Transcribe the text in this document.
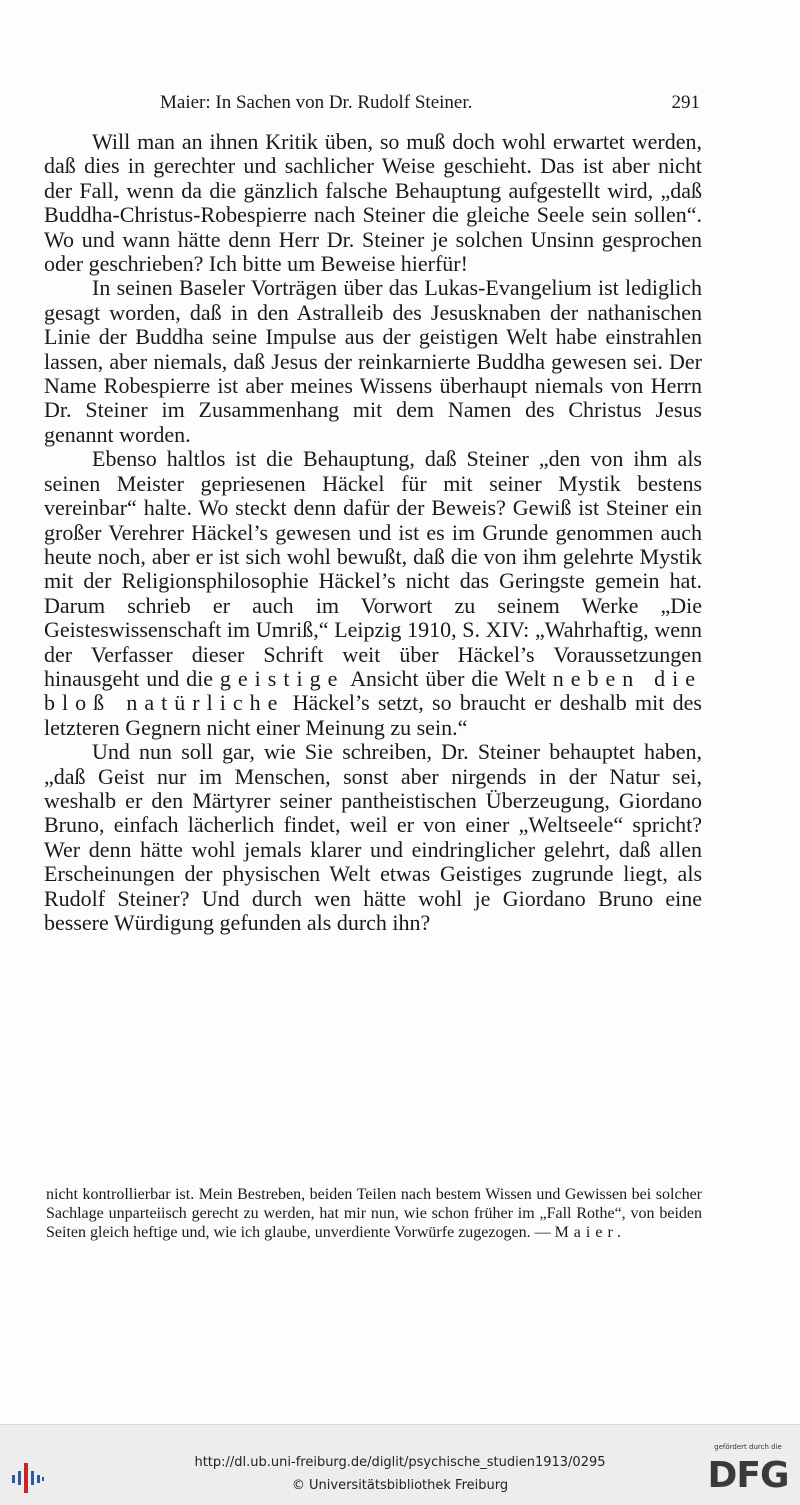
Maier: In Sachen von Dr. Rudolf Steiner.	291

Will man an ihnen Kritik üben, so muß doch wohl erwartet werden, daß dies in gerechter und sachlicher Weise geschieht. Das ist aber nicht der Fall, wenn da die gänzlich falsche Behauptung aufgestellt wird, „daß Buddha-Christus-Robespierre nach Steiner die gleiche Seele sein sollen“. Wo und wann hätte denn Herr Dr. Steiner je solchen Unsinn gesprochen oder geschrieben? Ich bitte um Beweise hierfür!

In seinen Baseler Vorträgen über das Lukas-Evangelium ist lediglich gesagt worden, daß in den Astralleib des Jesusknaben der nathanischen Linie der Buddha seine Impulse aus der geistigen Welt habe einstrahlen lassen, aber niemals, daß Jesus der reinkarnierte Buddha gewesen sei. Der Name Robespierre ist aber meines Wissens überhaupt niemals von Herrn Dr. Steiner im Zusammenhang mit dem Namen des Christus Jesus genannt worden.

Ebenso haltlos ist die Behauptung, daß Steiner „den von ihm als seinen Meister gepriesenen Häckel für mit seiner Mystik bestens vereinbar“ halte. Wo steckt denn dafür der Beweis? Gewiß ist Steiner ein großer Verehrer Häckel’s gewesen und ist es im Grunde genommen auch heute noch, aber er ist sich wohl bewußt, daß die von ihm gelehrte Mystik mit der Religionsphilosophie Häckel’s nicht das Geringste gemein hat. Darum schrieb er auch im Vorwort zu seinem Werke „Die Geisteswissenschaft im Umriß,“ Leipzig 1910, S. XIV: „Wahrhaftig, wenn der Verfasser dieser Schrift weit über Häckel’s Voraussetzungen hinausgeht und die geistige Ansicht über die Welt neben die bloß natürliche Häckel’s setzt, so braucht er deshalb mit des letzteren Gegnern nicht einer Meinung zu sein.“

Und nun soll gar, wie Sie schreiben, Dr. Steiner behauptet haben, „daß Geist nur im Menschen, sonst aber nirgends in der Natur sei, weshalb er den Märtyrer seiner pantheistischen Überzeugung, Giordano Bruno, einfach lächerlich findet, weil er von einer „Weltseele“ spricht? Wer denn hätte wohl jemals klarer und eindringlicher gelehrt, daß allen Erscheinungen der physischen Welt etwas Geistiges zugrunde liegt, als Rudolf Steiner? Und durch wen hätte wohl je Giordano Bruno eine bessere Würdigung gefunden als durch ihn?

nicht kontrollierbar ist. Mein Bestreben, beiden Teilen nach bestem Wissen und Gewissen bei solcher Sachlage unparteiisch gerecht zu werden, hat mir nun, wie schon früher im „Fall Rothe“, von beiden Seiten gleich heftige und, wie ich glaube, unverdiente Vorwürfe zugezogen. — Maier.
http://dl.ub.uni-freiburg.de/diglit/psychische_studien1913/0295
© Universitätsbibliothek Freiburg
gefördert durch die
DFG
